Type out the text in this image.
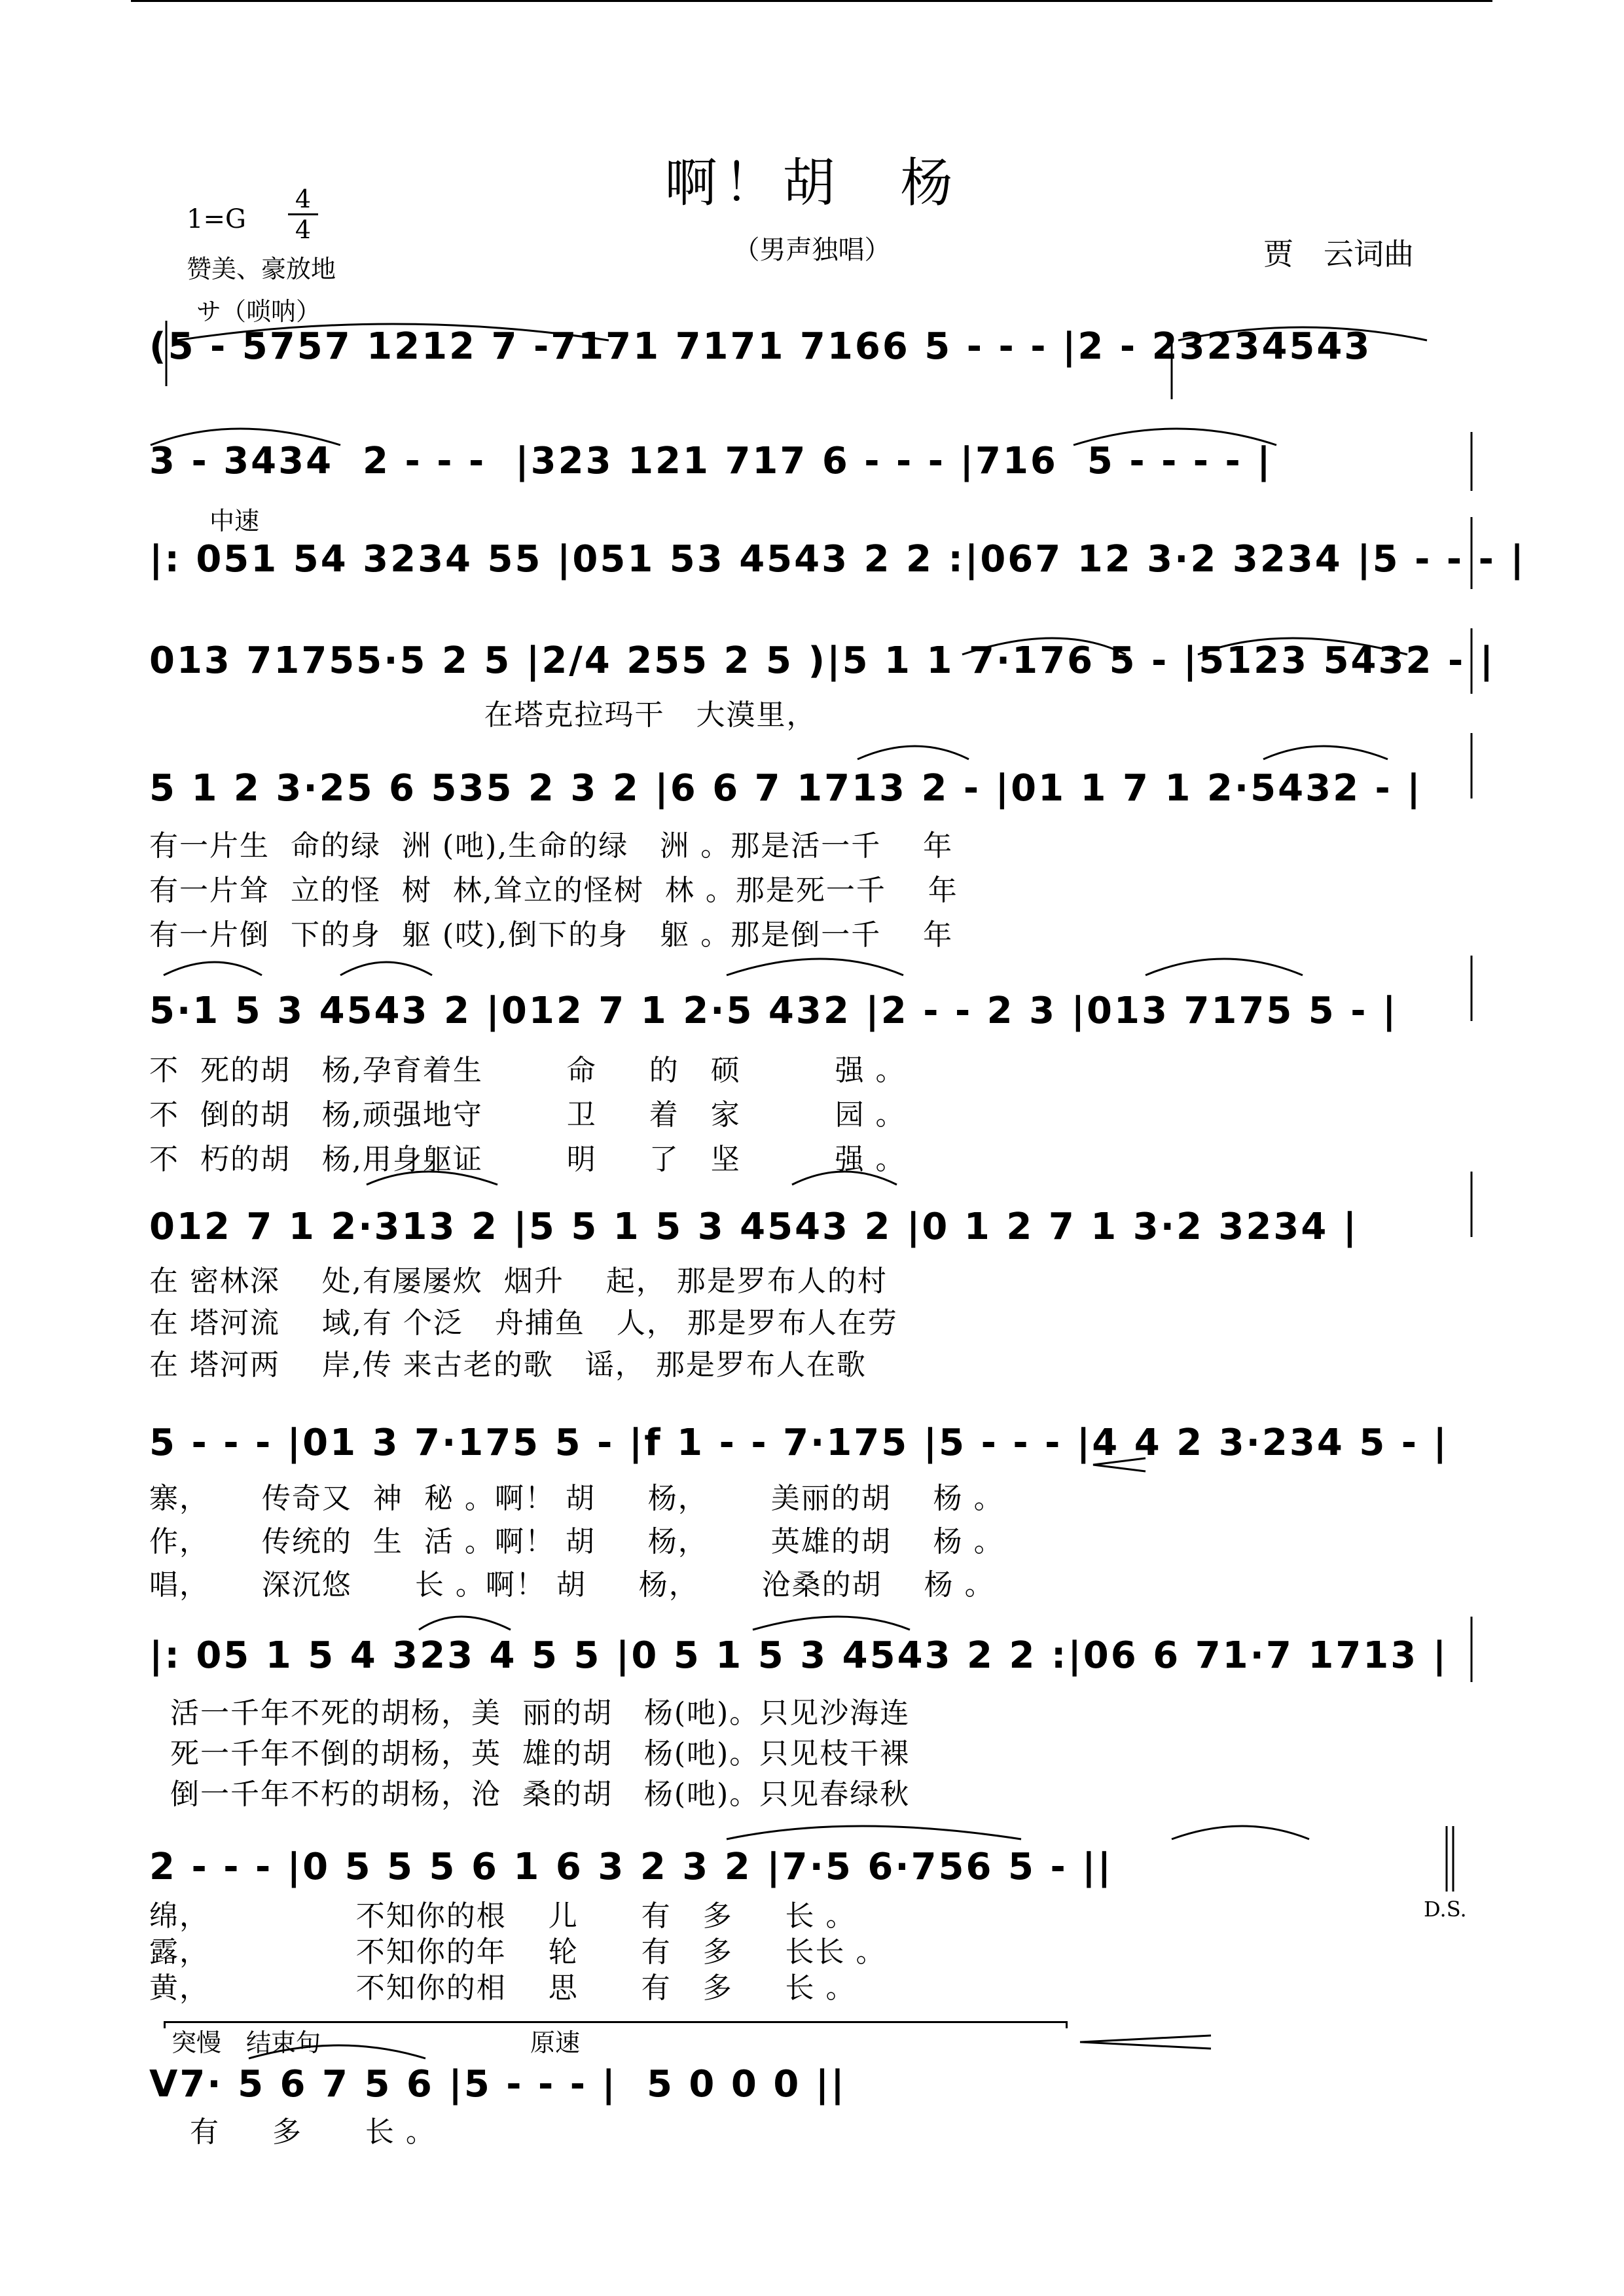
啊！胡　杨
（男声独唱）
1=G
4
4
赞美、豪放地
サ（唢呐）
贾　云词曲
(5 - 5757 1212 7 -7171 7171 7166 5 - - - |2 - 23234543
3 - 3434  2 - - -  |323 121 717 6 - - - |716  5 - - - - |
中速
|: 051 54 3234 55 |051 53 4543 2 2 :|067 12 3·2 3234 |5 - - - |
013 71755·5 2 5 |2/4 255 2 5 )|5 1 1 7·176 5 - |5123 5432 - |
在塔克拉玛干   大漠里，
5 1 2 3·25 6 535 2 3 2 |6 6 7 1713 2 - |01 1 7 1 2·5432 - |
有一片生  命的绿  洲 (吔),生命的绿   洲 。那是活一千    年
有一片耸  立的怪  树  林,耸立的怪树  林 。那是死一千    年
有一片倒  下的身  躯 (哎),倒下的身   躯 。那是倒一千    年
5·1 5 3 4543 2 |012 7 1 2·5 432 |2 - - 2 3 |013 7175 5 - |
不  死的胡   杨,孕育着生        命     的   硕         强 。
不  倒的胡   杨,顽强地守        卫     着   家         园 。
不  朽的胡   杨,用身躯证        明     了   坚         强 。
012 7 1 2·313 2 |5 5 1 5 3 4543 2 |0 1 2 7 1 3·2 3234 |
在 密林深    处,有屡屡炊  烟升    起， 那是罗布人的村
在 塔河流    域,有 个泛   舟捕鱼   人， 那是罗布人在劳
在 塔河两    岸,传 来古老的歌   谣， 那是罗布人在歌
5 - - - |01 3 7·175 5 - |f 1 - - 7·175 |5 - - - |4 4 2 3·234 5 - |
寨，     传奇又  神  秘 。啊！ 胡     杨，      美丽的胡    杨 。
作，     传统的  生  活 。啊！ 胡     杨，      英雄的胡    杨 。
唱，     深沉悠      长 。啊！ 胡     杨，      沧桑的胡    杨 。
|: 05 1 5 4 323 4 5 5 |0 5 1 5 3 4543 2 2 :|06 6 71·7 1713 |
活一千年不死的胡杨，美  丽的胡   杨(吔)。只见沙海连
死一千年不倒的胡杨，英  雄的胡   杨(吔)。只见枝干裸
倒一千年不朽的胡杨，沧  桑的胡   杨(吔)。只见春绿秋
2 - - - |0 5 5 5 6 1 6 3 2 3 2 |7·5 6·756 5 - ||
D.S.
绵，              不知你的根    儿      有   多     长 。
露，              不知你的年    轮      有   多     长长 。
黄，              不知你的相    思      有   多     长 。
突慢　结束句	原速
V7· 5 6 7 5 6 |5 - - - |  5 0 0 0 ||
有     多      长 。
